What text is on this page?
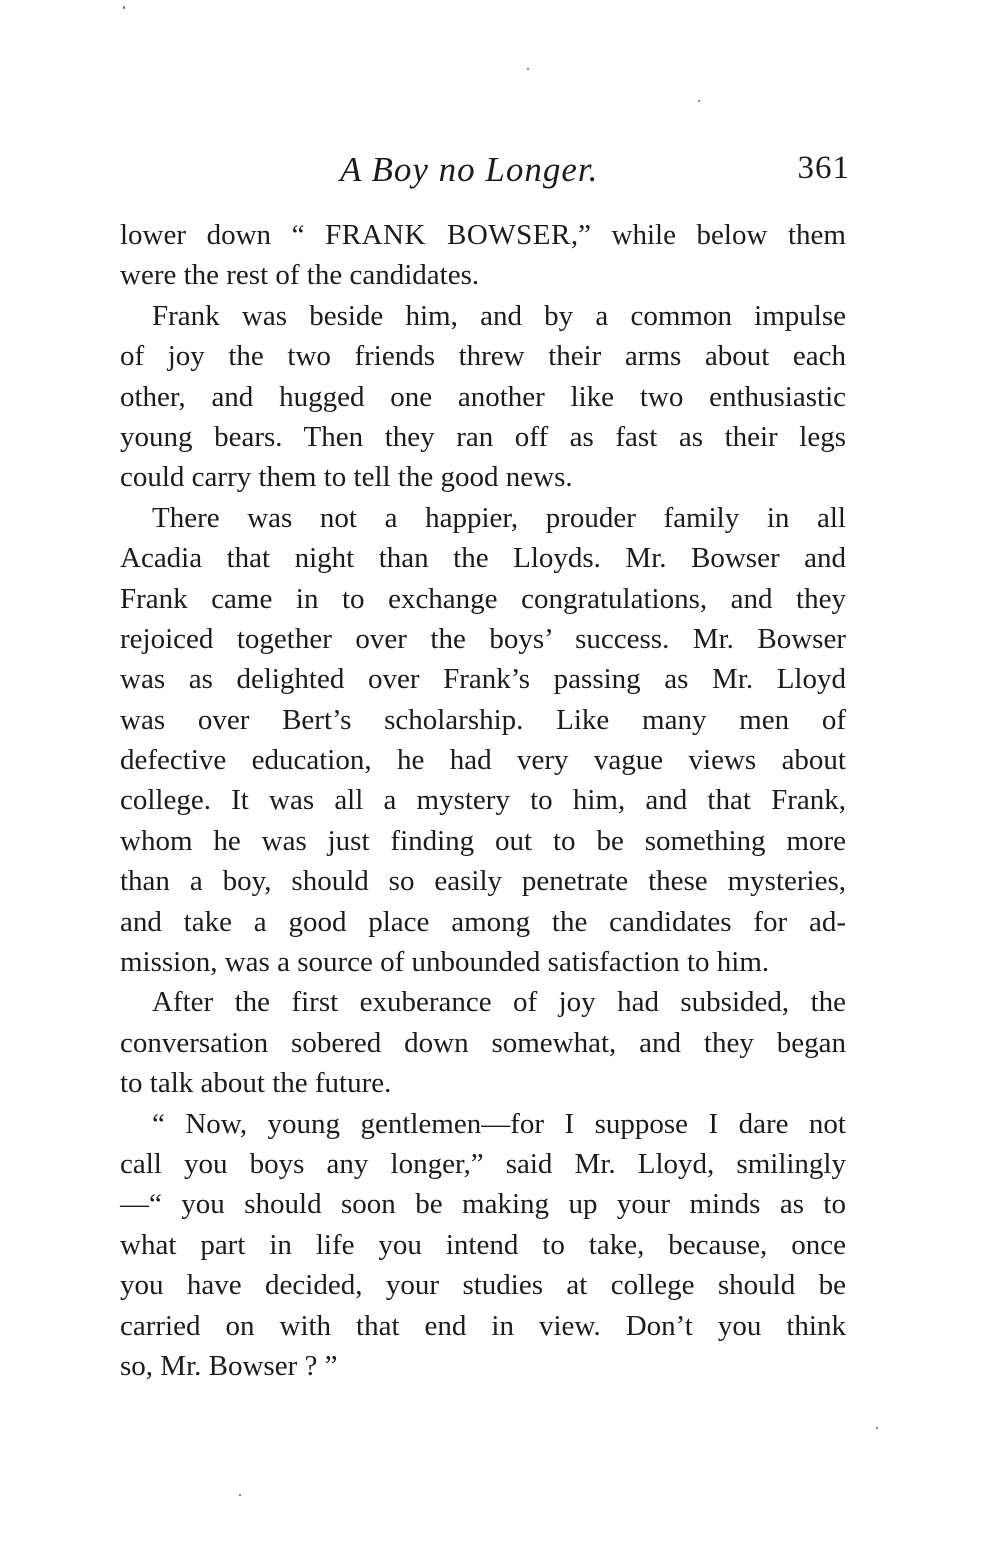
A Boy no Longer.	361
lower down “ FRANK BOWSER,” while below them
were the rest of the candidates.
Frank was beside him, and by a common impulse
of joy the two friends threw their arms about each
other, and hugged one another like two enthusiastic
young bears. Then they ran off as fast as their legs
could carry them to tell the good news.
There was not a happier, prouder family in all
Acadia that night than the Lloyds. Mr. Bowser and
Frank came in to exchange congratulations, and they
rejoiced together over the boys’ success. Mr. Bowser
was as delighted over Frank’s passing as Mr. Lloyd
was over Bert’s scholarship. Like many men of
defective education, he had very vague views about
college. It was all a mystery to him, and that Frank,
whom he was just finding out to be something more
than a boy, should so easily penetrate these mysteries,
and take a good place among the candidates for ad-
mission, was a source of unbounded satisfaction to him.
After the first exuberance of joy had subsided, the
conversation sobered down somewhat, and they began
to talk about the future.
“ Now, young gentlemen—for I suppose I dare not
call you boys any longer,” said Mr. Lloyd, smilingly
—“ you should soon be making up your minds as to
what part in life you intend to take, because, once
you have decided, your studies at college should be
carried on with that end in view. Don’t you think
so, Mr. Bowser ? ”
